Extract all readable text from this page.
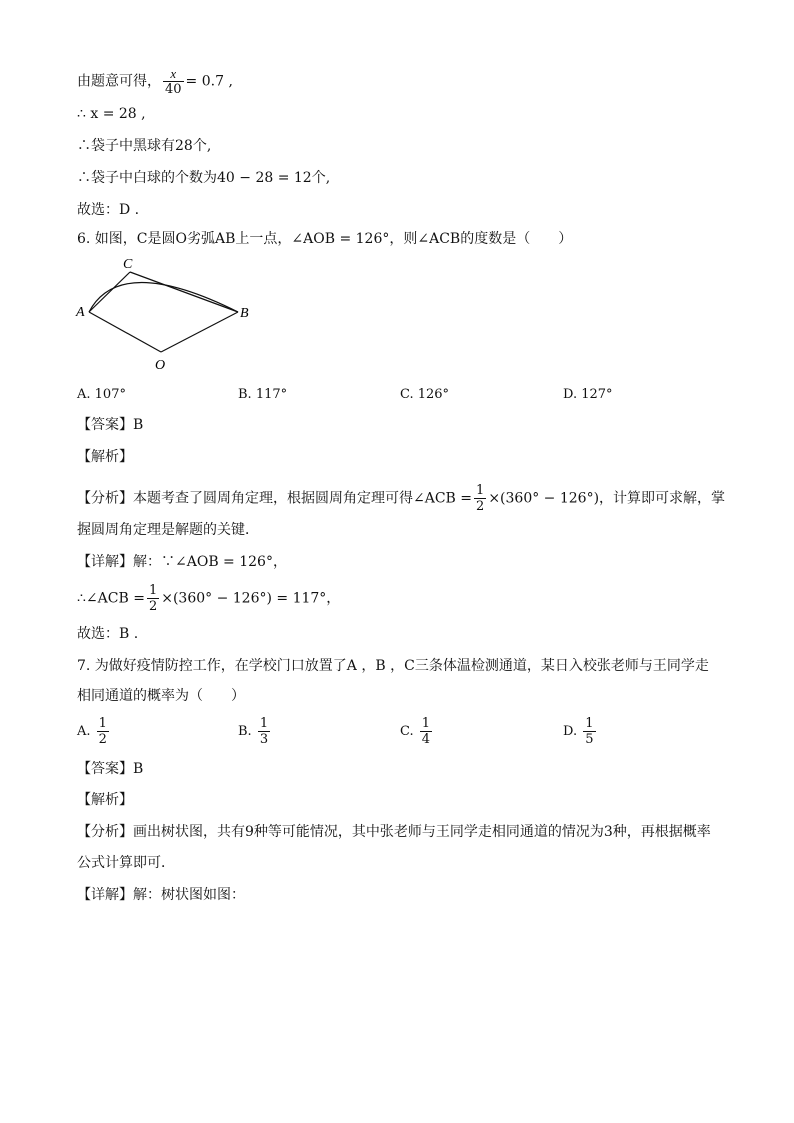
由题意可得， $\frac{x}{40} = 0.7$ ,
∴ x = 28 ,
∴袋子中黑球有28个,
∴袋子中白球的个数为40 − 28 = 12个,
故选：D .
6. 如图，C是圆O劣弧AB上一点，∠AOB = 126°，则∠ACB的度数是（　　）
C
A	B
O
A. 107°	B. 117°	C. 126°	D. 127°
【答案】B
【解析】
【分析】本题考查了圆周角定理，根据圆周角定理可得∠ACB = $\frac{1}{2} \times(360^\circ - 126^\circ)$，计算即可求解，掌
握圆周角定理是解题的关键．
【详解】解：∵∠AOB = 126°，
∴∠ACB = $\frac{1}{2} \times(360^\circ - 126^\circ) = 117^\circ$，
故选：B .
7. 为做好疫情防控工作，在学校门口放置了A ，B ，C三条体温检测通道，某日入校张老师与王同学走
相同通道的概率为（　　）
A. $\frac{1}{2}$	B. $\frac{1}{3}$	C. $\frac{1}{4}$	D. $\frac{1}{5}$
【答案】B
【解析】
【分析】画出树状图，共有9种等可能情况，其中张老师与王同学走相同通道的情况为3种，再根据概率
公式计算即可．
【详解】解：树状图如图：
